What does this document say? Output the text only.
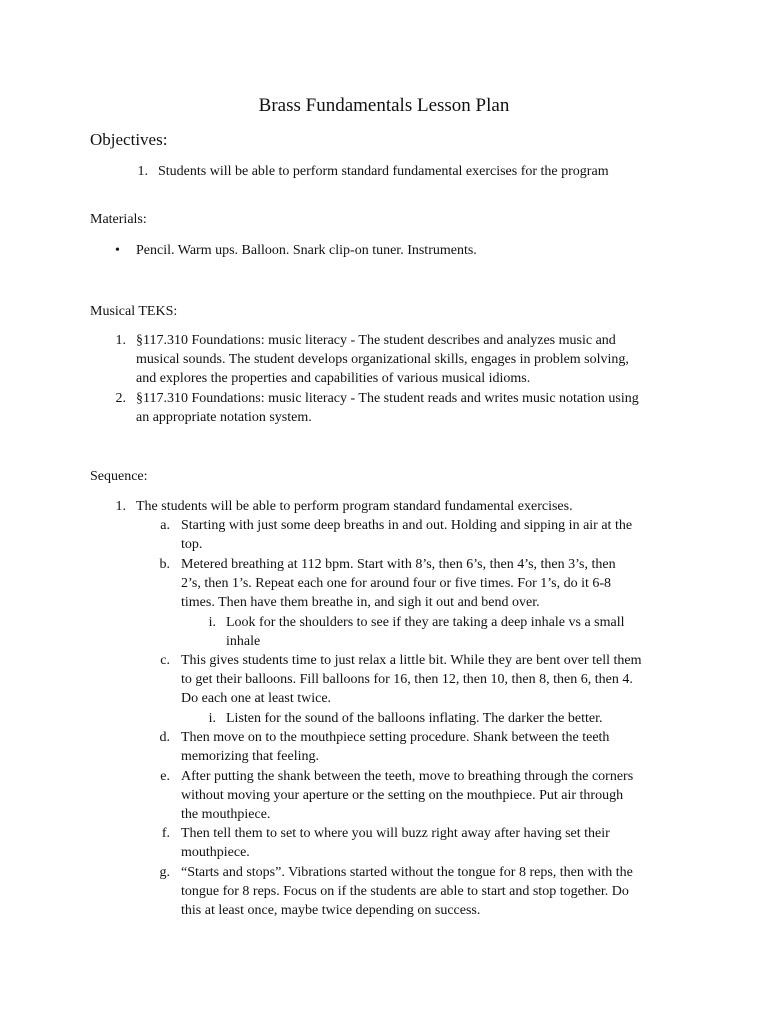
Brass Fundamentals Lesson Plan
Objectives:
1. Students will be able to perform standard fundamental exercises for the program
Materials:
• Pencil. Warm ups. Balloon. Snark clip-on tuner. Instruments.
Musical TEKS:
1. §117.310 Foundations: music literacy - The student describes and analyzes music and
musical sounds. The student develops organizational skills, engages in problem solving,
and explores the properties and capabilities of various musical idioms.
2. §117.310 Foundations: music literacy - The student reads and writes music notation using
an appropriate notation system.
Sequence:
1. The students will be able to perform program standard fundamental exercises.
a. Starting with just some deep breaths in and out. Holding and sipping in air at the
top.
b. Metered breathing at 112 bpm. Start with 8’s, then 6’s, then 4’s, then 3’s, then
2’s, then 1’s. Repeat each one for around four or five times. For 1’s, do it 6-8
times. Then have them breathe in, and sigh it out and bend over.
i. Look for the shoulders to see if they are taking a deep inhale vs a small
inhale
c. This gives students time to just relax a little bit. While they are bent over tell them
to get their balloons. Fill balloons for 16, then 12, then 10, then 8, then 6, then 4.
Do each one at least twice.
i. Listen for the sound of the balloons inflating. The darker the better.
d. Then move on to the mouthpiece setting procedure. Shank between the teeth
memorizing that feeling.
e. After putting the shank between the teeth, move to breathing through the corners
without moving your aperture or the setting on the mouthpiece. Put air through
the mouthpiece.
f. Then tell them to set to where you will buzz right away after having set their
mouthpiece.
g. “Starts and stops”. Vibrations started without the tongue for 8 reps, then with the
tongue for 8 reps. Focus on if the students are able to start and stop together. Do
this at least once, maybe twice depending on success.
